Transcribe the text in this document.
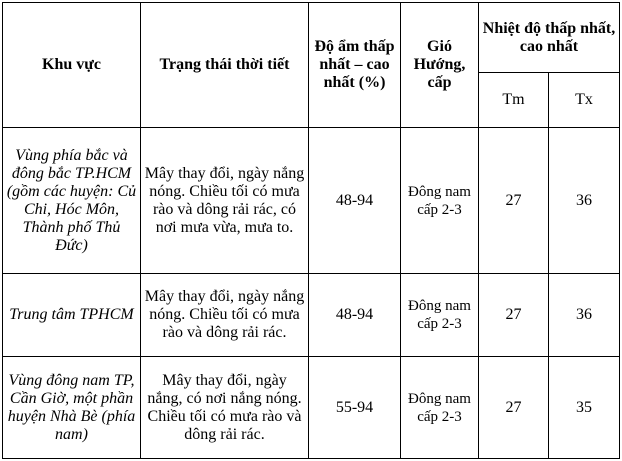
Khu vực	Trạng thái thời tiết	Độ ẩm thấp nhất – cao nhất (%)	Gió Hướng, cấp	Nhiệt độ thấp nhất, cao nhất	
				Tm	Tx
Vùng phía bắc và đông bắc TP.HCM (gồm các huyện: Củ Chi, Hóc Môn, Thành phố Thủ Đức)	Mây thay đổi, ngày nắng nóng. Chiều tối có mưa rào và dông rải rác, có nơi mưa vừa, mưa to.	48-94	Đông nam cấp 2-3	27	36
Trung tâm TPHCM	Mây thay đổi, ngày nắng nóng. Chiều tối có mưa rào và dông rải rác.	48-94	Đông nam cấp 2-3	27	36
Vùng đông nam TP, Cần Giờ, một phần huyện Nhà Bè (phía nam)	Mây thay đổi, ngày nắng, có nơi nắng nóng. Chiều tối có mưa rào và dông rải rác.	55-94	Đông nam cấp 2-3	27	35
